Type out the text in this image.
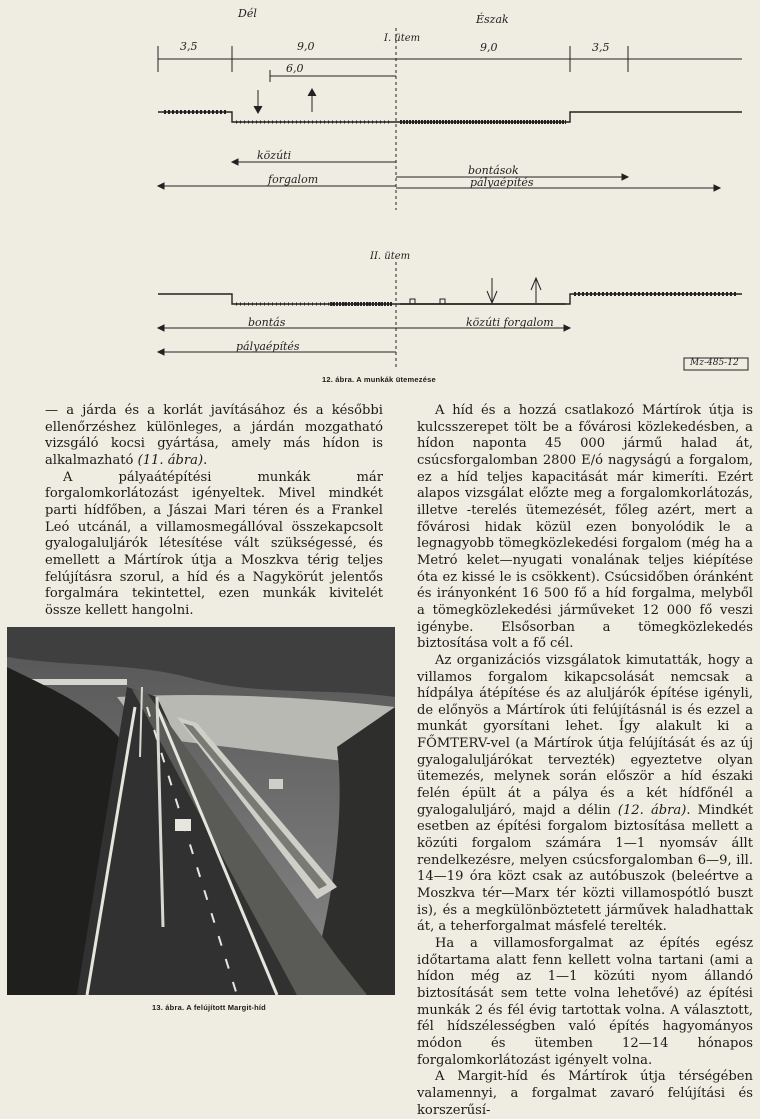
Dél	Észak
I. ütem
3,5	9,0
6,0
9,0	3,5
közúti
forgalom
bontások
pályaépítés
II. ütem
bontás
pályaépítés
közúti forgalom
Mz-485-12
12. ábra. A munkák ütemezése

— a járda és a korlát javításához és a későbbi ellenőrzéshez különleges, a járdán mozgatható vizsgáló kocsi gyártása, amely más hídon is alkalmazható (11. ábra).

A pályaátépítési munkák már forgalomkorlátozást igényeltek. Mivel mindkét parti hídfőben, a Jászai Mari téren és a Frankel Leó utcánál, a villamosmegállóval összekapcsolt gyalogaluljárók létesítése vált szükségessé, és emellett a Mártírok útja a Moszkva térig teljes felújításra szorul, a híd és a Nagykörút jelentős forgalmára tekintettel, ezen munkák kivitelét össze kellett hangolni.

13. ábra. A felújított Margit-híd

A híd és a hozzá csatlakozó Mártírok útja is kulcsszerepet tölt be a fővárosi közlekedésben, a hídon naponta 45 000 jármű halad át, csúcsforgalomban 2800 E/ó nagyságú a forgalom, ez a híd teljes kapacitását már kimeríti. Ezért alapos vizsgálat előzte meg a forgalomkorlátozás, illetve -terelés ütemezését, főleg azért, mert a fővárosi hidak közül ezen bonyolódik le a legnagyobb tömegközlekedési forgalom (még ha a Metró kelet—nyugati vonalának teljes kiépítése óta ez kissé le is csökkent). Csúcsidőben óránként és irányonként 16 500 fő a híd forgalma, melyből a tömegközlekedési járműveket 12 000 fő veszi igénybe. Elsősorban a tömegközlekedés biztosítása volt a fő cél.

Az organizációs vizsgálatok kimutatták, hogy a villamos forgalom kikapcsolását nemcsak a hídpálya átépítése és az aluljárók építése igényli, de előnyös a Mártírok úti felújításnál is és ezzel a munkát gyorsítani lehet. Így alakult ki a FŐMTERV-vel (a Mártírok útja felújítását és az új gyalogaluljárókat tervezték) egyeztetve olyan ütemezés, melynek során először a híd északi felén épült át a pálya és a két hídfőnél a gyalogaluljáró, majd a délin (12. ábra). Mindkét esetben az építési forgalom biztosítása mellett a közúti forgalom számára 1—1 nyomsáv állt rendelkezésre, melyen csúcsforgalomban 6—9, ill. 14—19 óra közt csak az autóbuszok (beleértve a Moszkva tér—Marx tér közti villamospótló buszt is), és a megkülönböztetett járművek haladhattak át, a teherforgalmat másfelé terelték.

Ha a villamosforgalmat az építés egész időtartama alatt fenn kellett volna tartani (ami a hídon még az 1—1 közúti nyom állandó biztosítását sem tette volna lehetővé) az építési munkák 2 és fél évig tartottak volna. A választott, fél hídszélességben való építés hagyományos módon és ütemben 12—14 hónapos forgalomkorlátozást igényelt volna.

A Margit-híd és Mártírok útja térségében valamennyi, a forgalmat zavaró felújítási és korszerűsí-
